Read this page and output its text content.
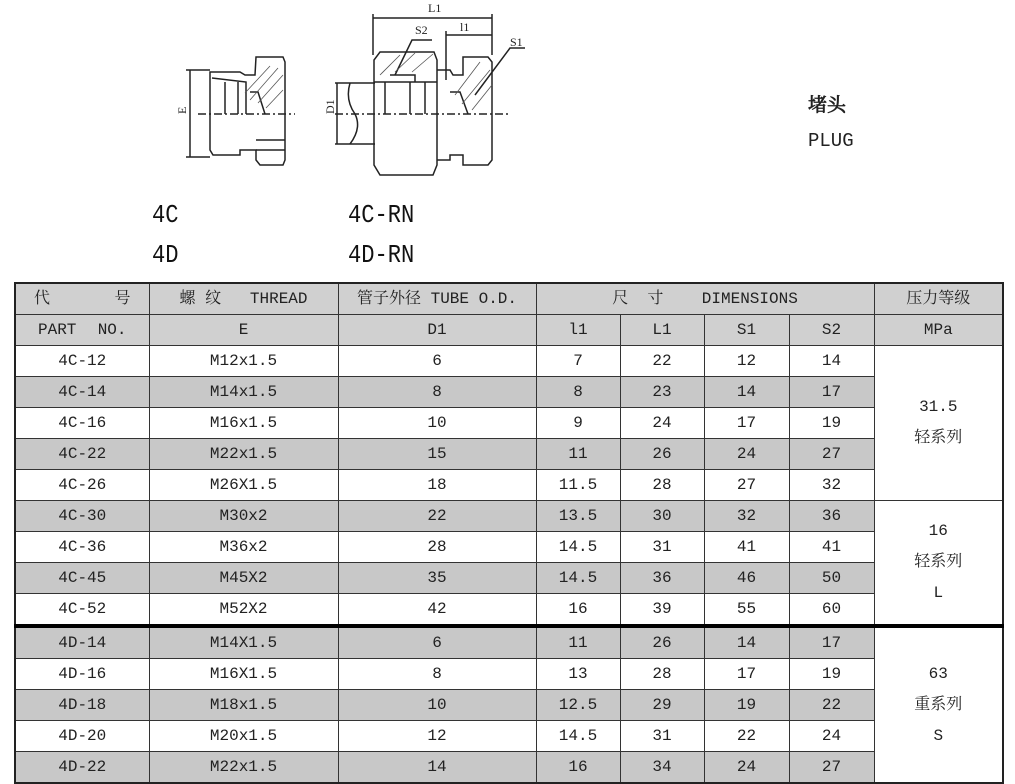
L1
l1
S1
S2
E	D1
4C
4D
4C-RN
4D-RN
堵头
PLUG
代 号	螺 纹   THREAD	管子外径 TUBE O.D.	尺  寸    DIMENSIONS				压力等级

PART NO.	E	D1	l1	L1	S1	S2	MPa
4C-12	M12x1.5	6	7	22	12	14	31.5
轻系列

4C-14	M14x1.5	8	8	23	14	17	
4C-16	M16x1.5	10	9	24	17	19	
4C-22	M22x1.5	15	11	26	24	27	
4C-26	M26X1.5	18	11.5	28	27	32	
4C-30	M30x2	22	13.5	30	32	36	16
轻系列
L

4C-36	M36x2	28	14.5	31	41	41	
4C-45	M45X2	35	14.5	36	46	50	
4C-52	M52X2	42	16	39	55	60	
4D-14	M14X1.5	6	11	26	14	17	63
重系列
S

4D-16	M16X1.5	8	13	28	17	19	
4D-18	M18x1.5	10	12.5	29	19	22	
4D-20	M20x1.5	12	14.5	31	22	24	
4D-22	M22x1.5	14	16	34	24	27	
